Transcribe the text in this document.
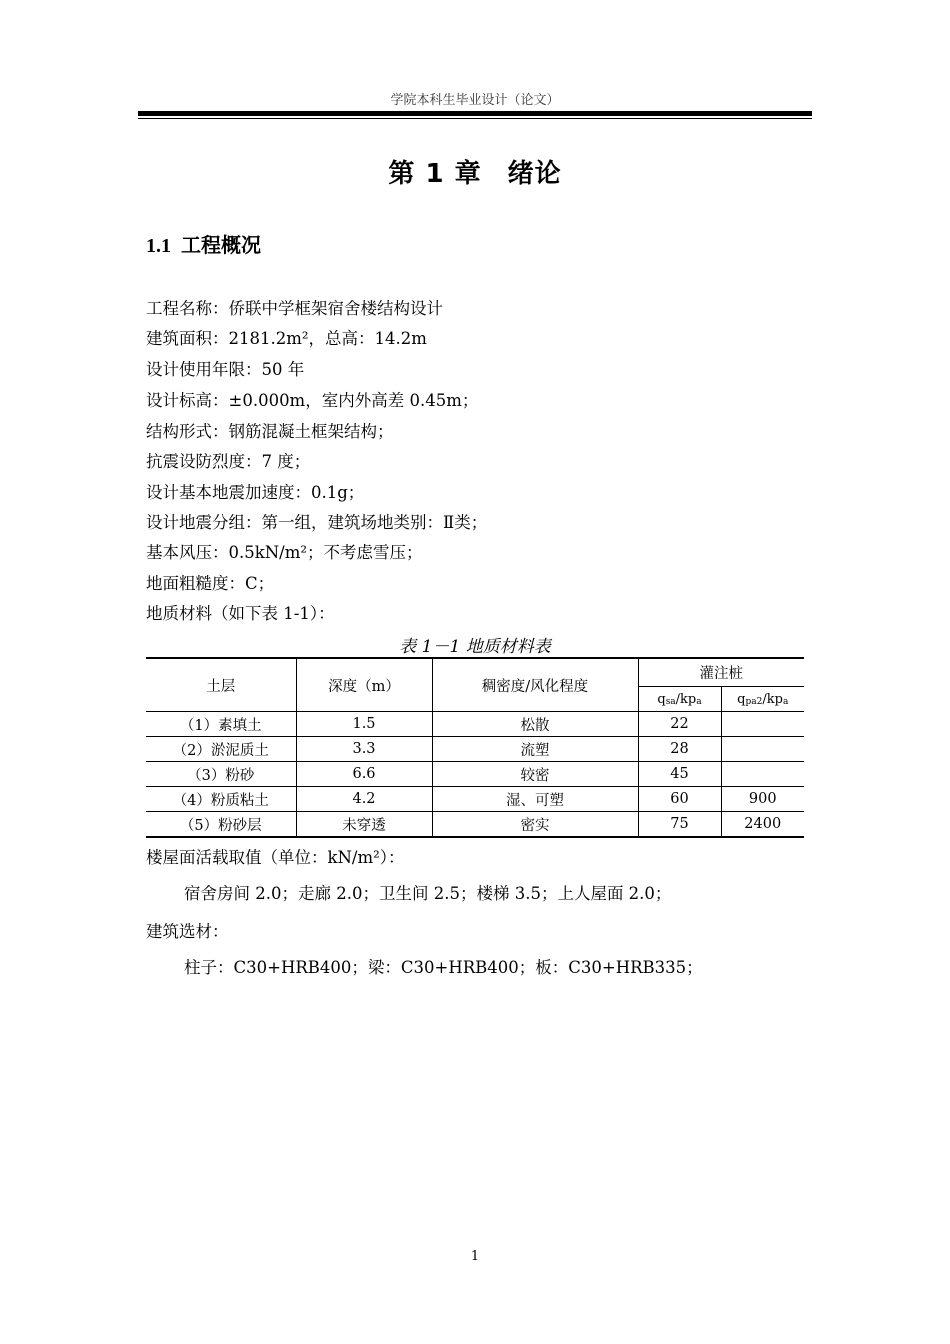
学院本科生毕业设计（论文）
第 1 章 绪论
1.1 工程概况
工程名称：侨联中学框架宿舍楼结构设计
建筑面积：2181.2m²，总高：14.2m
设计使用年限：50 年
设计标高：±0.000m，室内外高差 0.45m；
结构形式：钢筋混凝土框架结构；
抗震设防烈度：7 度；
设计基本地震加速度：0.1g；
设计地震分组：第一组，建筑场地类别：Ⅱ类；
基本风压：0.5kN/m²；不考虑雪压；
地面粗糙度：C；
地质材料（如下表 1-1）：
表 1－1 地质材料表
土层	深度（m）	稠密度/风化程度	灌注桩	
			$q_{sa}/kp_a$	$q_{pa2}/kp_a$
（1）素填土	1.5	松散	22	
（2）淤泥质土	3.3	流塑	28	
（3）粉砂	6.6	较密	45	
（4）粉质粘土	4.2	湿、可塑	60	900
（5）粉砂层	未穿透	密实	75	2400
楼屋面活载取值（单位：kN/m²）：
宿舍房间 2.0；走廊 2.0；卫生间 2.5；楼梯 3.5；上人屋面 2.0；
建筑选材：
柱子：C30+HRB400；梁：C30+HRB400；板：C30+HRB335；
1
